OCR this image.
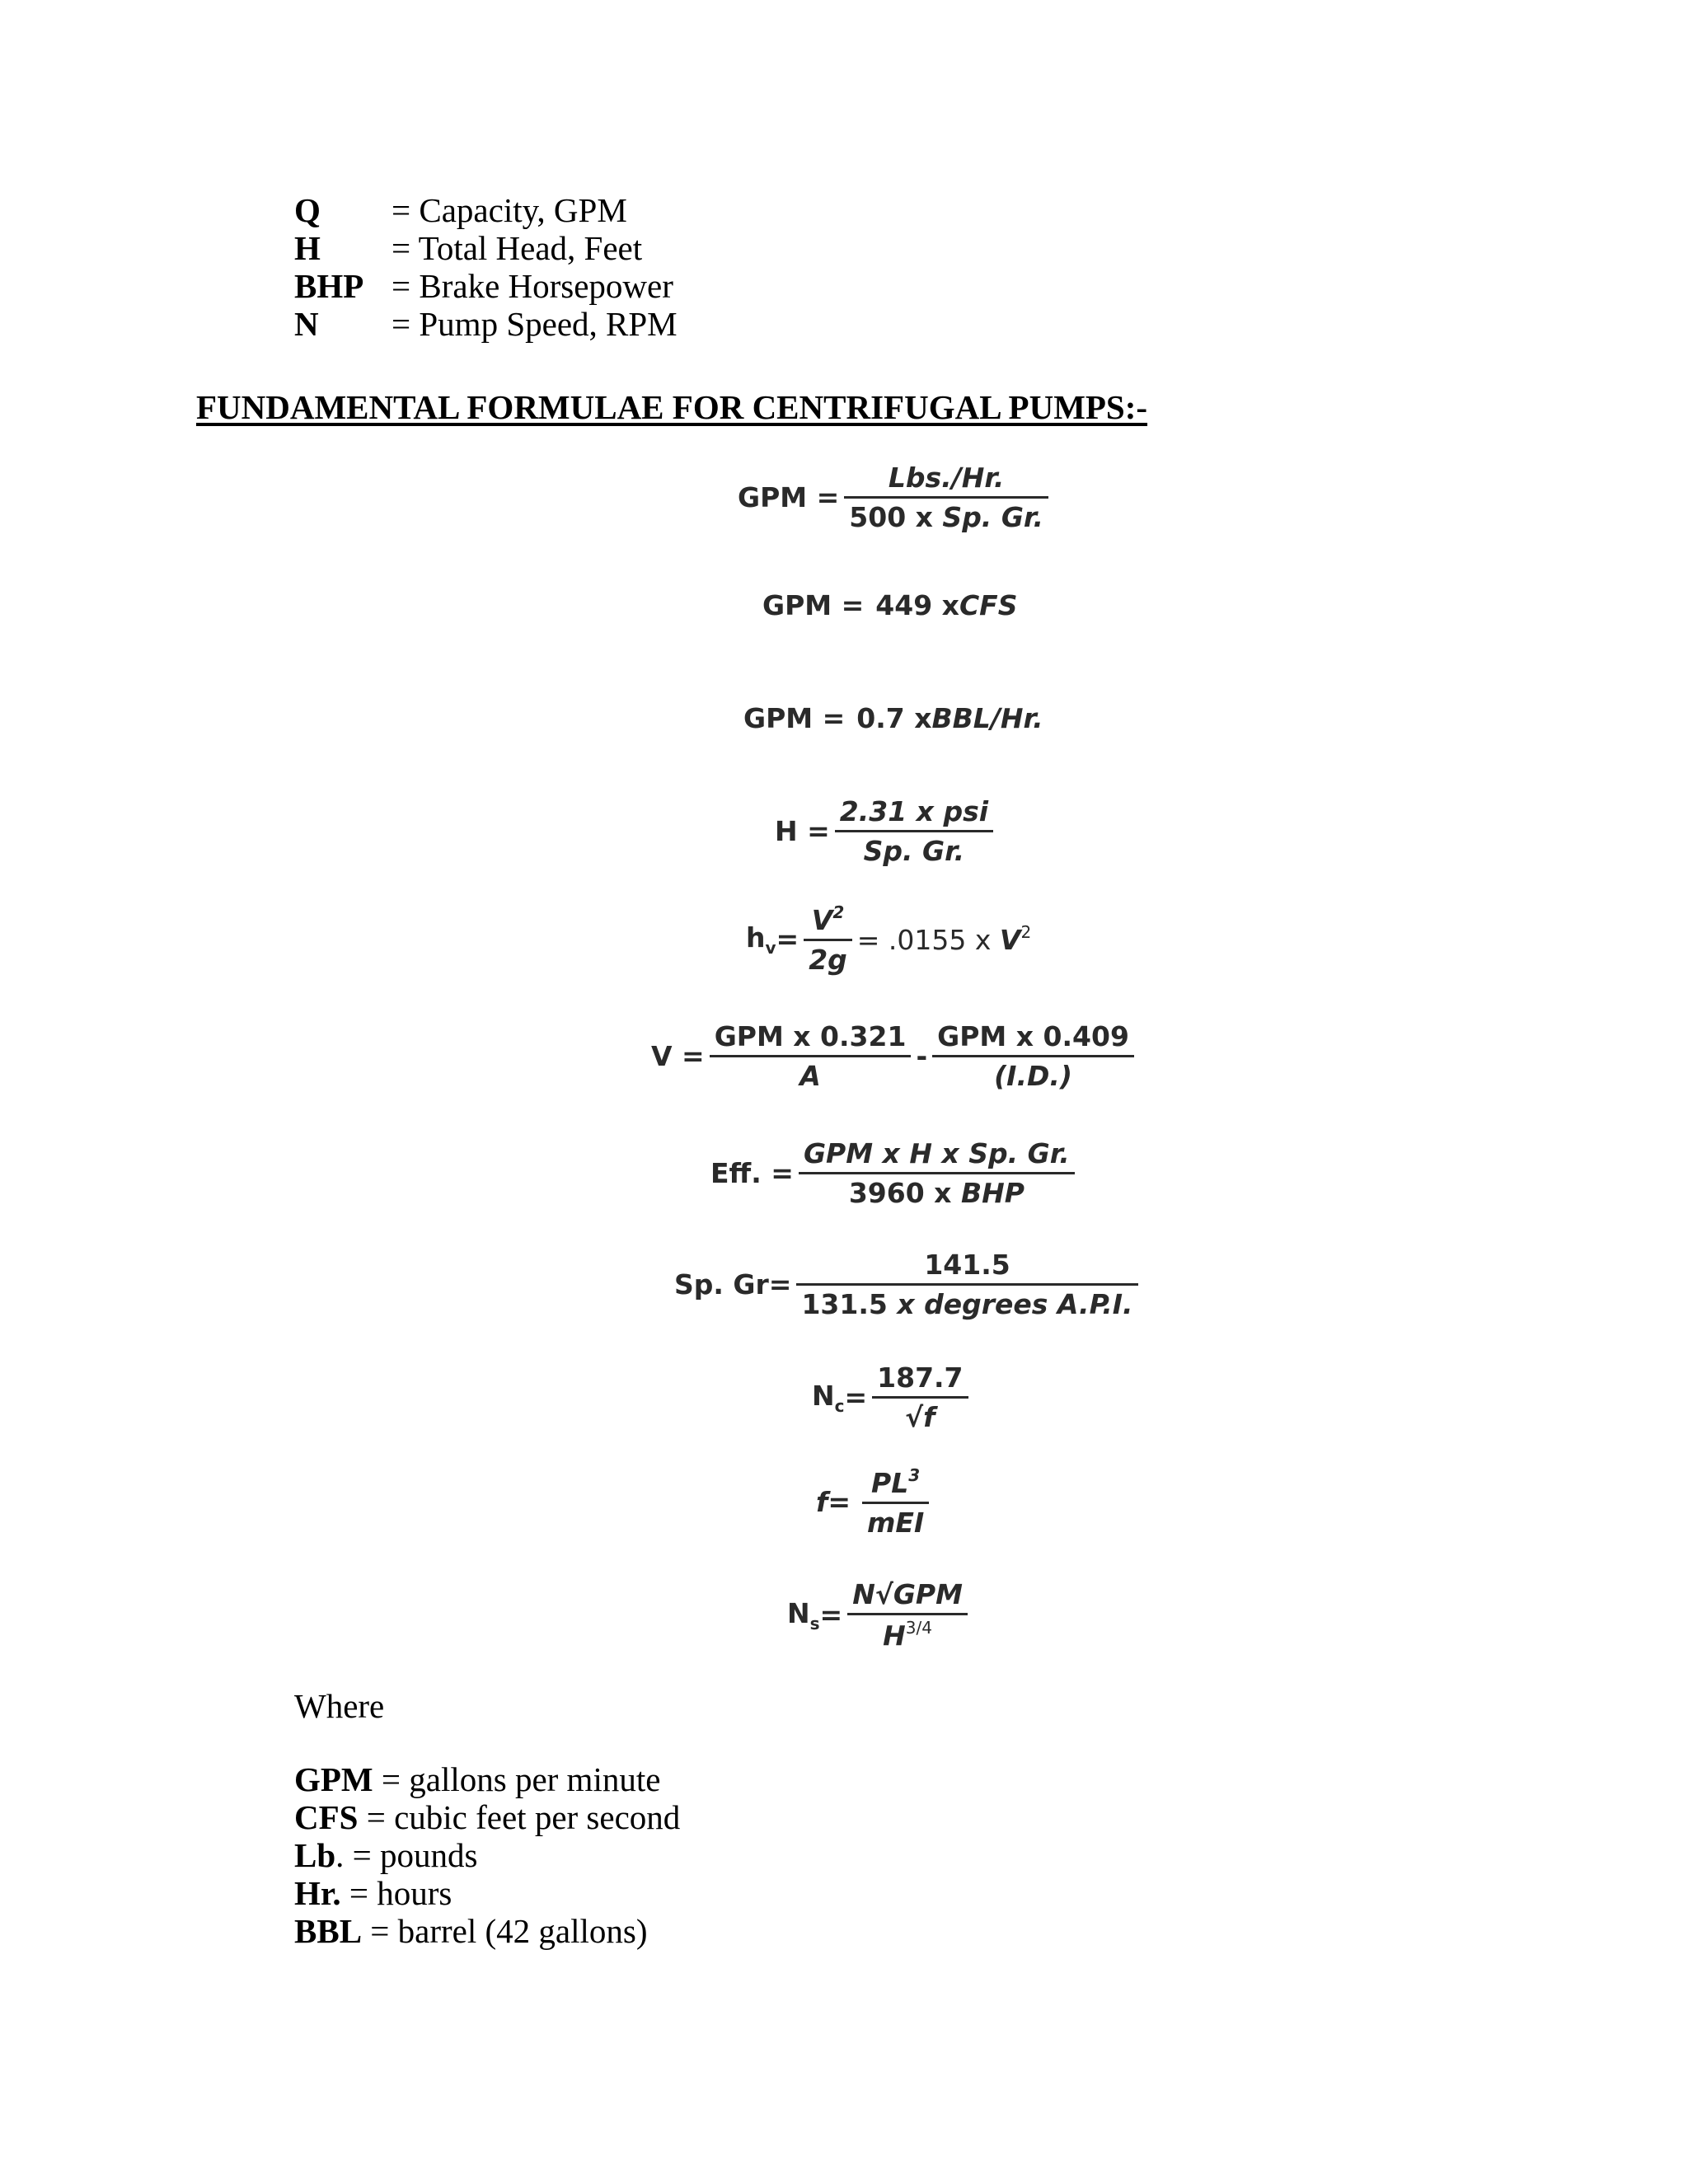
Q	= Capacity, GPM
H	= Total Head, Feet
BHP = Brake Horsepower
N	= Pump Speed, RPM
FUNDAMENTAL FORMULAE FOR CENTRIFUGAL PUMPS:-
GPM = $\frac{\text{Lbs./Hr.}}{\text{500 x Sp. Gr.}}$
GPM = 449 x CFS
GPM = 0.7 x BBL/Hr.
$H = \frac{\text{2.31 x psi}}{Sp. Gr.}$
$h_v = \frac{V^2}{2g} = .0155$ x $V^2$
$V = \frac{\text{GPM x 0.321}}{A} - \frac{\text{GPM x 0.409}}{(I.D.)}$
Eff. = $\frac{\text{GPM x H x Sp. Gr.}}{\text{3960 x BHP}}$
Sp. $Gr= \frac{141.5}{\text{131.5 x degrees A.P.I.}}$
$N_c = \frac{187.7}{√f}$
$f = \frac{PL^3}{\text{mEI}}$
$N_s = \frac{\text{N√GPM}}{H^{3/4}}$
Where
GPM = gallons per minute
CFS = cubic feet per second
Lb. = pounds
Hr. = hours
BBL = barrel (42 gallons)
